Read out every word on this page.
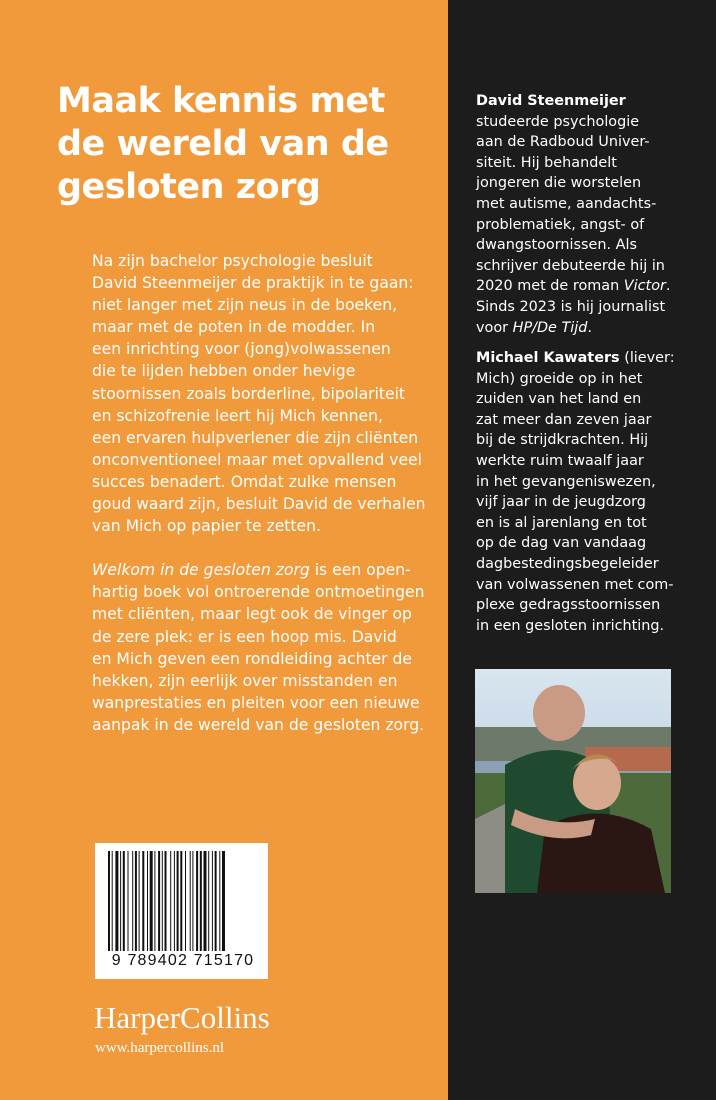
Maak kennis met
de wereld van de
gesloten zorg

Na zijn bachelor psychologie besluit
David Steenmeijer de praktijk in te gaan:
niet langer met zijn neus in de boeken,
maar met de poten in de modder. In
een inrichting voor (jong)volwassenen
die te lijden hebben onder hevige
stoornissen zoals borderline, bipolariteit
en schizofrenie leert hij Mich kennen,
een ervaren hulpverlener die zijn cliënten
onconventioneel maar met opvallend veel
succes benadert. Omdat zulke mensen
goud waard zijn, besluit David de verhalen
van Mich op papier te zetten.

Welkom in de gesloten zorg is een open-
hartig boek vol ontroerende ontmoetingen
met cliënten, maar legt ook de vinger op
de zere plek: er is een hoop mis. David
en Mich geven een rondleiding achter de
hekken, zijn eerlijk over misstanden en
wanprestaties en pleiten voor een nieuwe
aanpak in de wereld van de gesloten zorg.

9 789402 715170
HarperCollins
www.harpercollins.nl
David Steenmeijer
studeerde psychologie
aan de Radboud Univer-
siteit. Hij behandelt
jongeren die worstelen
met autisme, aandachts-
problematiek, angst- of
dwangstoornissen. Als
schrijver debuteerde hij in
2020 met de roman Victor.
Sinds 2023 is hij journalist
voor HP/De Tijd.
Michael Kawaters (liever:
Mich) groeide op in het
zuiden van het land en
zat meer dan zeven jaar
bij de strijdkrachten. Hij
werkte ruim twaalf jaar
in het gevangeniswezen,
vijf jaar in de jeugdzorg
en is al jarenlang en tot
op de dag van vandaag
dagbestedingsbegeleider
van volwassenen met com-
plexe gedragsstoornissen
in een gesloten inrichting.
